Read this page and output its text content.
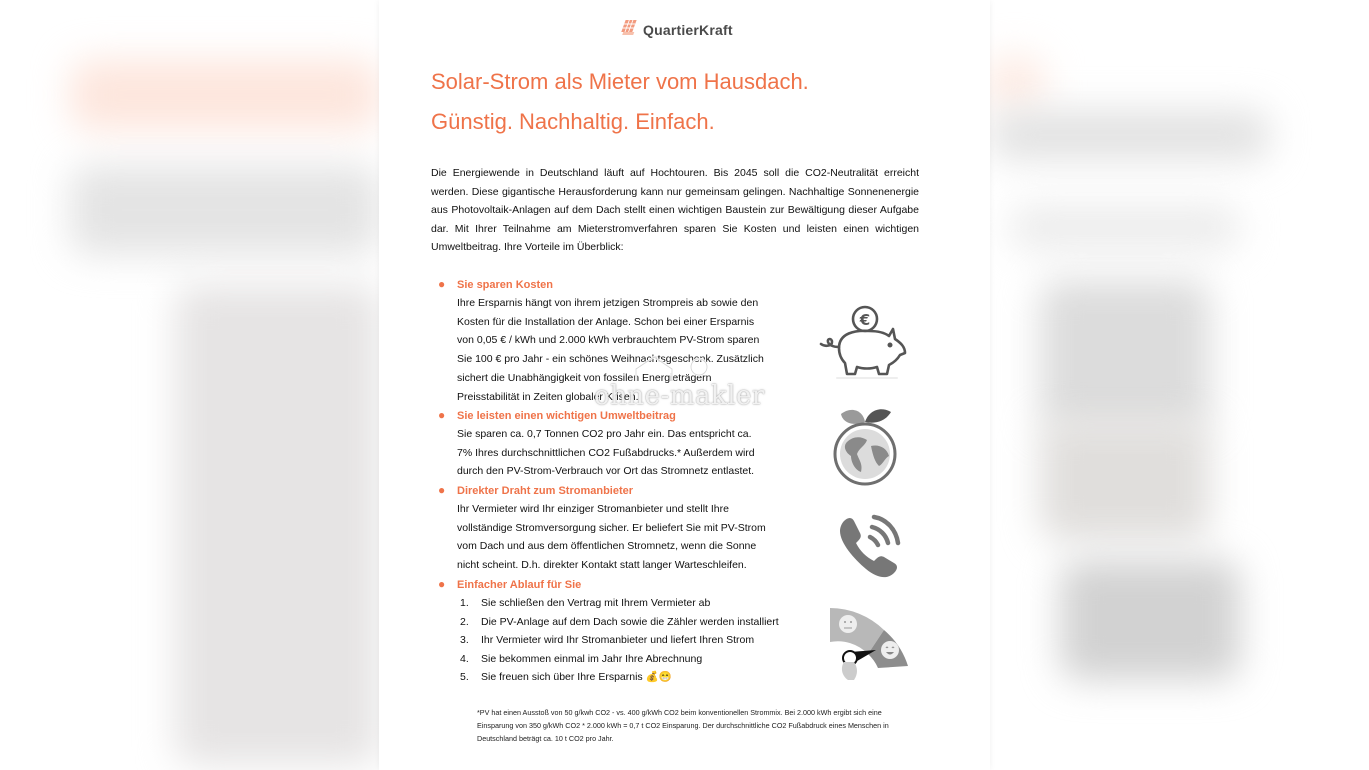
QuartierKraft
Solar-Strom als Mieter vom Hausdach.
Günstig. Nachhaltig. Einfach.

Die Energiewende in Deutschland läuft auf Hochtouren. Bis 2045 soll die CO2-Neutralität erreicht werden. Diese gigantische Herausforderung kann nur gemeinsam gelingen. Nachhaltige Sonnenenergie aus Photovoltaik-Anlagen auf dem Dach stellt einen wichtigen Baustein zur Bewältigung dieser Aufgabe dar. Mit Ihrer Teilnahme am Mieterstromverfahren sparen Sie Kosten und leisten einen wichtigen Umweltbeitrag. Ihre Vorteile im Überblick:

● Sie sparen Kosten

Ihre Ersparnis hängt von ihrem jetzigen Strompreis ab sowie den

Kosten für die Installation der Anlage. Schon bei einer Ersparnis

von 0,05 € / kWh und 2.000 kWh verbrauchtem PV-Strom sparen

Sie 100 € pro Jahr - ein schönes Weihnachtsgeschenk. Zusätzlich

sichert die Unabhängigkeit von fossilen Energieträgern

Preisstabilität in Zeiten globaler Krisen.

● Sie leisten einen wichtigen Umweltbeitrag

Sie sparen ca. 0,7 Tonnen CO2 pro Jahr ein. Das entspricht ca.

7% Ihres durchschnittlichen CO2 Fußabdrucks.* Außerdem wird

durch den PV-Strom-Verbrauch vor Ort das Stromnetz entlastet.

● Direkter Draht zum Stromanbieter

Ihr Vermieter wird Ihr einziger Stromanbieter und stellt Ihre

vollständige Stromversorgung sicher. Er beliefert Sie mit PV-Strom

vom Dach und aus dem öffentlichen Stromnetz, wenn die Sonne

nicht scheint. D.h. direkter Kontakt statt langer Warteschleifen.

● Einfacher Ablauf für Sie

1. Sie schließen den Vertrag mit Ihrem Vermieter ab
2. Die PV-Anlage auf dem Dach sowie die Zähler werden installiert
3. Ihr Vermieter wird Ihr Stromanbieter und liefert Ihren Strom
4. Sie bekommen einmal im Jahr Ihre Abrechnung
5. Sie freuen sich über Ihre Ersparnis 💰😁
€

*PV hat einen Ausstoß von 50 g/kwh CO2 - vs. 400 g/kWh CO2 beim konventionellen Strommix. Bei 2.000 kWh ergibt sich eine Einsparung von 350 g/kWh CO2 * 2.000 kWh = 0,7 t CO2 Einsparung. Der durchschnittliche CO2 Fußabdruck eines Menschen in Deutschland beträgt ca. 10 t CO2 pro Jahr.

ohne-makler
